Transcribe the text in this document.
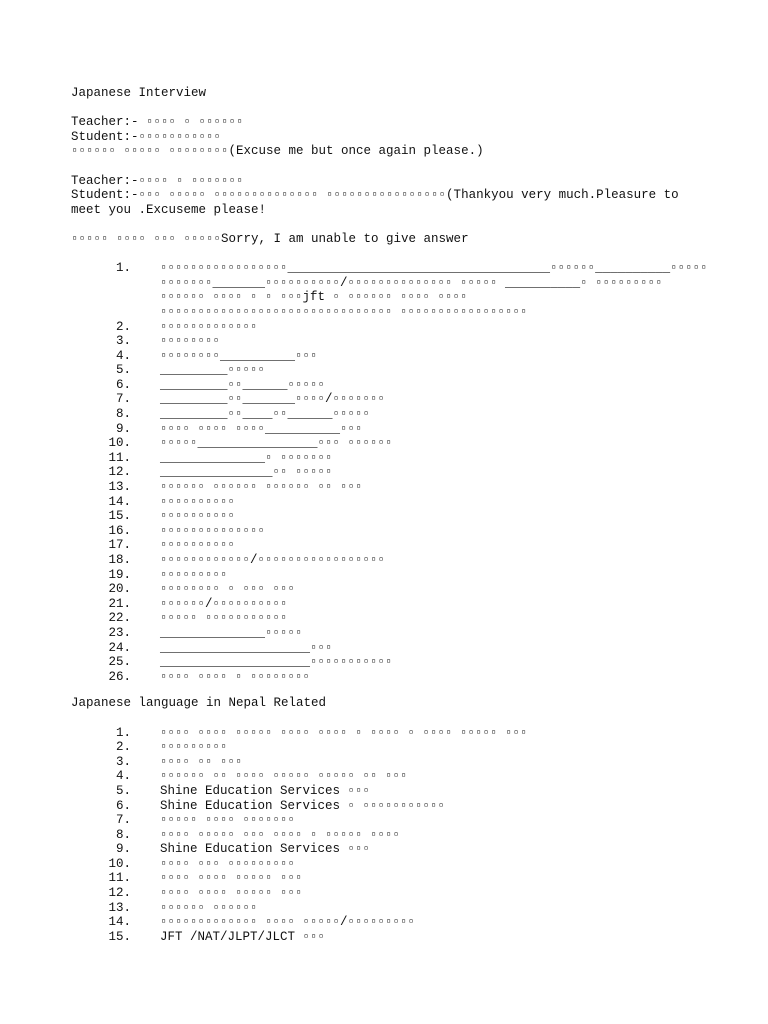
Japanese Interview
Teacher:- ▫▫▫▫ ▫ ▫▫▫▫▫▫
Student:-▫▫▫▫▫▫▫▫▫▫▫
▫▫▫▫▫▫ ▫▫▫▫▫ ▫▫▫▫▫▫▫▫(Excuse me but once again please.)
Teacher:-▫▫▫▫ ▫ ▫▫▫▫▫▫▫
Student:-▫▫▫ ▫▫▫▫▫ ▫▫▫▫▫▫▫▫▫▫▫▫▫▫ ▫▫▫▫▫▫▫▫▫▫▫▫▫▫▫▫(Thankyou very much.Pleasure to meet you .Excuseme please!
▫▫▫▫▫ ▫▫▫▫ ▫▫▫ ▫▫▫▫▫Sorry, I am unable to give answer
1. ▫▫▫▫▫▫▫▫▫▫▫▫▫▫▫▫▫___________________________________▫▫▫▫▫▫__________▫▫▫▫▫ ▫▫▫▫▫▫▫_______▫▫▫▫▫▫▫▫▫▫/▫▫▫▫▫▫▫▫▫▫▫▫▫▫ ▫▫▫▫▫ __________▫ ▫▫▫▫▫▫▫▫▫ ▫▫▫▫▫▫ ▫▫▫▫ ▫ ▫ ▫▫▫jft ▫ ▫▫▫▫▫▫ ▫▫▫▫ ▫▫▫▫ ▫▫▫▫▫▫▫▫▫▫▫▫▫▫▫▫▫▫▫▫▫▫▫▫▫▫▫▫▫▫▫ ▫▫▫▫▫▫▫▫▫▫▫▫▫▫▫▫▫
2. ▫▫▫▫▫▫▫▫▫▫▫▫▫
3. ▫▫▫▫▫▫▫▫
4. ▫▫▫▫▫▫▫▫__________▫▫▫
5. _________▫▫▫▫▫
6. _________▫▫______▫▫▫▫▫
7. _________▫▫_______▫▫▫▫/▫▫▫▫▫▫▫
8. _________▫▫____▫▫______▫▫▫▫▫
9. ▫▫▫▫ ▫▫▫▫ ▫▫▫▫__________▫▫▫
10. ▫▫▫▫▫________________▫▫▫ ▫▫▫▫▫▫
11. ______________▫ ▫▫▫▫▫▫▫
12. _______________▫▫ ▫▫▫▫▫
13. ▫▫▫▫▫▫ ▫▫▫▫▫▫ ▫▫▫▫▫▫ ▫▫ ▫▫▫
14. ▫▫▫▫▫▫▫▫▫▫
15. ▫▫▫▫▫▫▫▫▫▫
16. ▫▫▫▫▫▫▫▫▫▫▫▫▫▫
17. ▫▫▫▫▫▫▫▫▫▫
18. ▫▫▫▫▫▫▫▫▫▫▫▫/▫▫▫▫▫▫▫▫▫▫▫▫▫▫▫▫▫
19. ▫▫▫▫▫▫▫▫▫
20. ▫▫▫▫▫▫▫▫ ▫ ▫▫▫ ▫▫▫
21. ▫▫▫▫▫▫/▫▫▫▫▫▫▫▫▫▫
22. ▫▫▫▫▫ ▫▫▫▫▫▫▫▫▫▫▫
23. ______________▫▫▫▫▫
24. ____________________▫▫▫
25. ____________________▫▫▫▫▫▫▫▫▫▫▫
26. ▫▫▫▫ ▫▫▫▫ ▫ ▫▫▫▫▫▫▫▫
Japanese language in Nepal Related
1. ▫▫▫▫ ▫▫▫▫ ▫▫▫▫▫ ▫▫▫▫ ▫▫▫▫ ▫ ▫▫▫▫ ▫ ▫▫▫▫ ▫▫▫▫▫ ▫▫▫
2. ▫▫▫▫▫▫▫▫▫
3. ▫▫▫▫ ▫▫ ▫▫▫
4. ▫▫▫▫▫▫ ▫▫ ▫▫▫▫ ▫▫▫▫▫ ▫▫▫▫▫ ▫▫ ▫▫▫
5. Shine Education Services ▫▫▫
6. Shine Education Services ▫ ▫▫▫▫▫▫▫▫▫▫▫
7. ▫▫▫▫▫ ▫▫▫▫ ▫▫▫▫▫▫▫
8. ▫▫▫▫ ▫▫▫▫▫ ▫▫▫ ▫▫▫▫ ▫ ▫▫▫▫▫ ▫▫▫▫
9. Shine Education Services ▫▫▫
10. ▫▫▫▫ ▫▫▫ ▫▫▫▫▫▫▫▫▫
11. ▫▫▫▫ ▫▫▫▫ ▫▫▫▫▫ ▫▫▫
12. ▫▫▫▫ ▫▫▫▫ ▫▫▫▫▫ ▫▫▫
13. ▫▫▫▫▫▫ ▫▫▫▫▫▫
14. ▫▫▫▫▫▫▫▫▫▫▫▫▫ ▫▫▫▫ ▫▫▫▫▫/▫▫▫▫▫▫▫▫▫
15. JFT /NAT/JLPT/JLCT ▫▫▫
